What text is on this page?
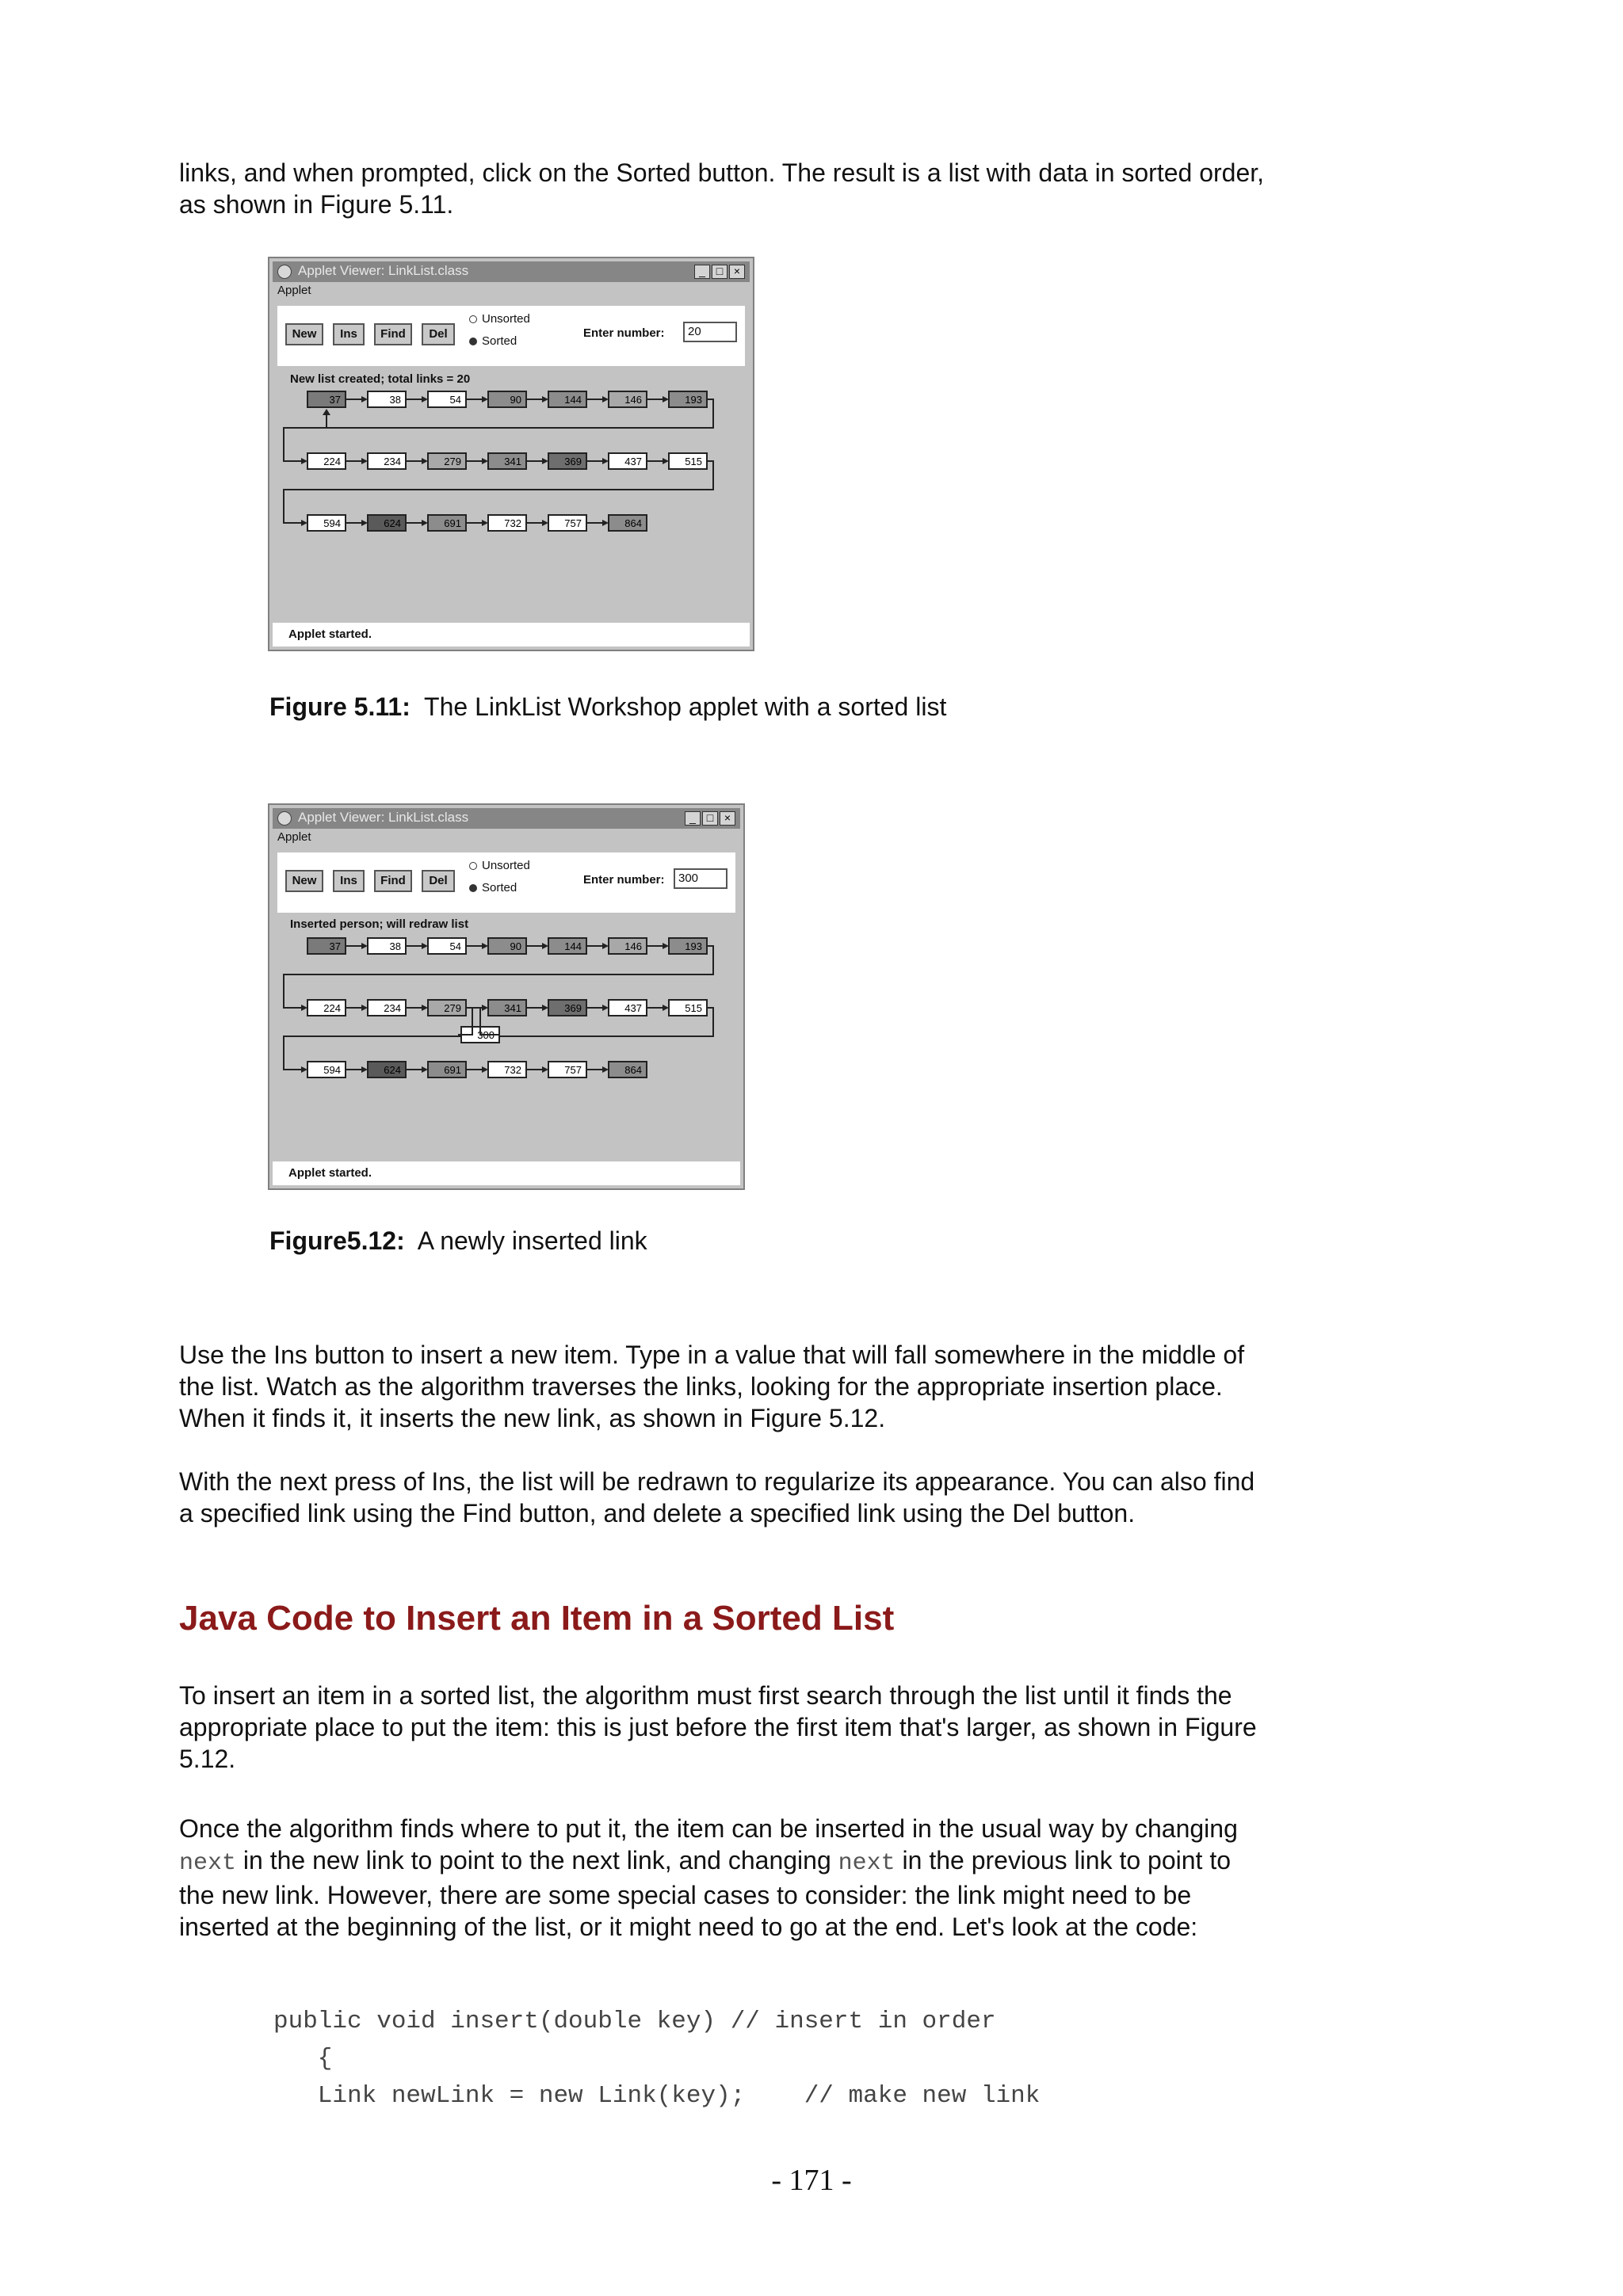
links, and when prompted, click on the Sorted button. The result is a list with data in sorted order, as shown in Figure 5.11.

Applet Viewer: LinkList.class	_ □ ×
Applet
New	Ins	Find	Del
Unsorted
Sorted
Enter number:	20
New list created; total links = 20
37	38	54	90	144	146	193
224	234	279	341	369	437	515
594	624	691	732	757	864
Applet started.
Figure 5.11: The LinkList Workshop applet with a sorted list
Applet Viewer: LinkList.class	_ □ ×
Applet
New	Ins	Find	Del
Unsorted
Sorted
Enter number:	300
Inserted person; will redraw list
37	38	54	90	144	146	193
224	234	279	341	369	437	515
594	624	691	732	757	864
300
Applet started.
Figure5.12: A newly inserted link

Use the Ins button to insert a new item. Type in a value that will fall somewhere in the middle of the list. Watch as the algorithm traverses the links, looking for the appropriate insertion place. When it finds it, it inserts the new link, as shown in Figure 5.12.

With the next press of Ins, the list will be redrawn to regularize its appearance. You can also find a specified link using the Find button, and delete a specified link using the Del button.

Java Code to Insert an Item in a Sorted List

To insert an item in a sorted list, the algorithm must first search through the list until it finds the appropriate place to put the item: this is just before the first item that's larger, as shown in Figure 5.12.

Once the algorithm finds where to put it, the item can be inserted in the usual way by changing next in the new link to point to the next link, and changing next in the previous link to point to the new link. However, there are some special cases to consider: the link might need to be inserted at the beginning of the list, or it might need to go at the end. Let's look at the code:

public void insert(double key) // insert in order
{
Link newLink = new Link(key);    // make new link
- 171 -
